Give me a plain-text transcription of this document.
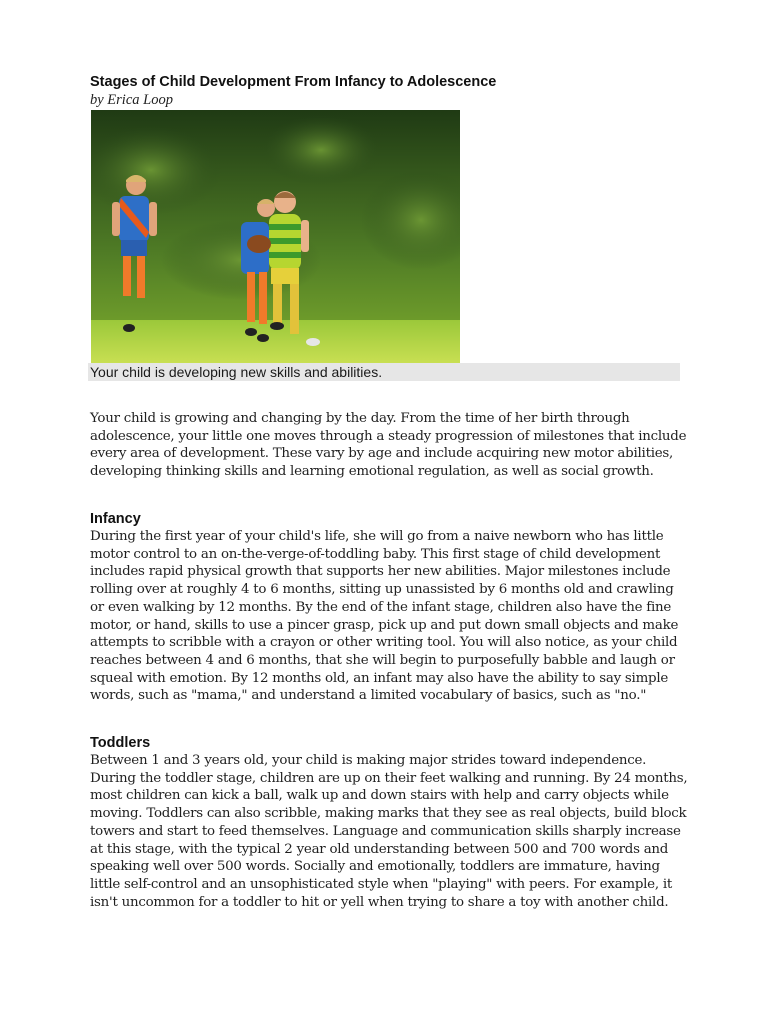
Stages of Child Development From Infancy to Adolescence
by Erica Loop
Your child is developing new skills and abilities.

Your child is growing and changing by the day. From the time of her birth through adolescence, your little one moves through a steady progression of milestones that include every area of development. These vary by age and include acquiring new motor abilities, developing thinking skills and learning emotional regulation, as well as social growth.

Infancy

During the first year of your child's life, she will go from a naive newborn who has little motor control to an on-the-verge-of-toddling baby. This first stage of child development includes rapid physical growth that supports her new abilities. Major milestones include rolling over at roughly 4 to 6 months, sitting up unassisted by 6 months old and crawling or even walking by 12 months. By the end of the infant stage, children also have the fine motor, or hand, skills to use a pincer grasp, pick up and put down small objects and make attempts to scribble with a crayon or other writing tool. You will also notice, as your child reaches between 4 and 6 months, that she will begin to purposefully babble and laugh or squeal with emotion. By 12 months old, an infant may also have the ability to say simple words, such as "mama," and understand a limited vocabulary of basics, such as "no."

Toddlers

Between 1 and 3 years old, your child is making major strides toward independence. During the toddler stage, children are up on their feet walking and running. By 24 months, most children can kick a ball, walk up and down stairs with help and carry objects while moving. Toddlers can also scribble, making marks that they see as real objects, build block towers and start to feed themselves. Language and communication skills sharply increase at this stage, with the typical 2 year old understanding between 500 and 700 words and speaking well over 500 words. Socially and emotionally, toddlers are immature, having little self-control and an unsophisticated style when "playing" with peers. For example, it isn't uncommon for a toddler to hit or yell when trying to share a toy with another child.
